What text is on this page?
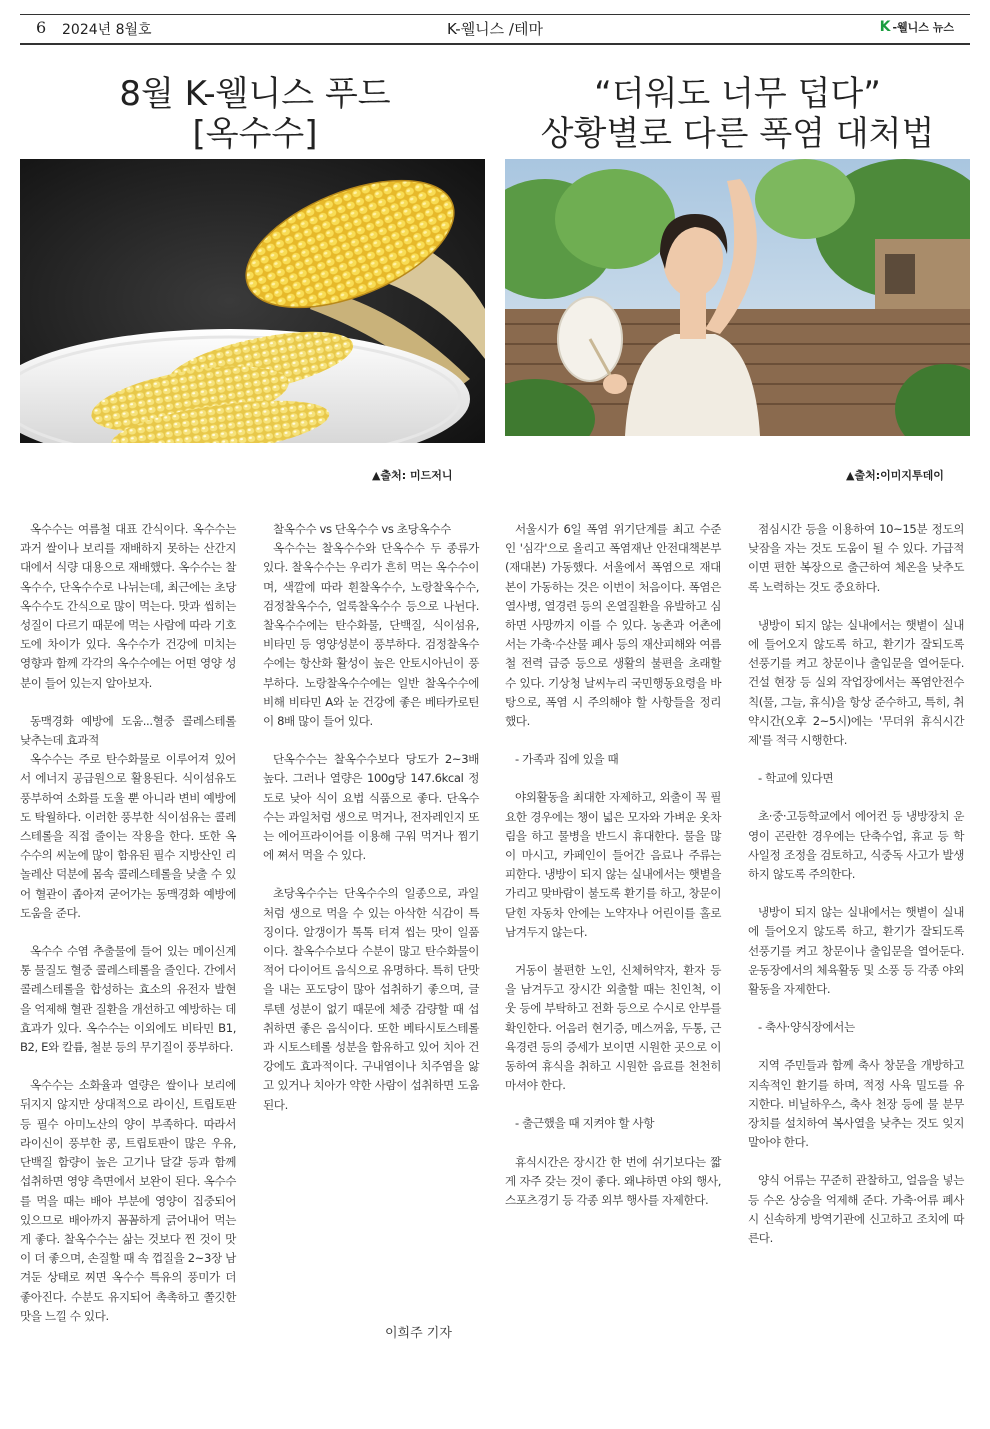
6 2024년 8월호	K-웰니스 /테마	K -웰니스 뉴스
8월 K-웰니스 푸드
[옥수수]
“더워도 너무 덥다”
상황별로 다른 폭염 대처법
▲출처: 미드저니	▲출처:이미지투데이

옥수수는 여름철 대표 간식이다. 옥수수는 과거 쌀이나 보리를 재배하지 못하는 산간지대에서 식량 대용으로 재배했다. 옥수수는 찰옥수수, 단옥수수로 나뉘는데, 최근에는 초당옥수수도 간식으로 많이 먹는다. 맛과 씹히는 성질이 다르기 때문에 먹는 사람에 따라 기호도에 차이가 있다. 옥수수가 건강에 미치는 영향과 함께 각각의 옥수수에는 어떤 영양 성분이 들어 있는지 알아보자.

동맥경화 예방에 도움...혈중 콜레스테롤 낮추는데 효과적

옥수수는 주로 탄수화물로 이루어져 있어서 에너지 공급원으로 활용된다. 식이섬유도 풍부하여 소화를 도울 뿐 아니라 변비 예방에도 탁월하다. 이러한 풍부한 식이섬유는 콜레스테롤을 직접 줄이는 작용을 한다. 또한 옥수수의 씨눈에 많이 함유된 필수 지방산인 리놀레산 덕분에 몸속 콜레스테롤을 낮출 수 있어 혈관이 좁아져 굳어가는 동맥경화 예방에 도움을 준다.

옥수수 수염 추출물에 들어 있는 메이신계통 물질도 혈중 콜레스테롤을 줄인다. 간에서 콜레스테롤을 합성하는 효소의 유전자 발현을 억제해 혈관 질환을 개선하고 예방하는 데 효과가 있다. 옥수수는 이외에도 비타민 B1, B2, E와 칼륨, 철분 등의 무기질이 풍부하다.

옥수수는 소화율과 열량은 쌀이나 보리에 뒤지지 않지만 상대적으로 라이신, 트립토판 등 필수 아미노산의 양이 부족하다. 따라서 라이신이 풍부한 콩, 트립토판이 많은 우유, 단백질 함량이 높은 고기나 달걀 등과 함께 섭취하면 영양 측면에서 보완이 된다. 옥수수를 먹을 때는 배아 부분에 영양이 집중되어 있으므로 배아까지 꼼꼼하게 긁어내어 먹는 게 좋다. 찰옥수수는 삶는 것보다 찐 것이 맛이 더 좋으며, 손질할 때 속 껍질을 2~3장 남겨둔 상태로 찌면 옥수수 특유의 풍미가 더 좋아진다. 수분도 유지되어 촉촉하고 쫄깃한 맛을 느낄 수 있다.

찰옥수수 vs 단옥수수 vs 초당옥수수

옥수수는 찰옥수수와 단옥수수 두 종류가 있다. 찰옥수수는 우리가 흔히 먹는 옥수수이며, 색깔에 따라 흰찰옥수수, 노랑찰옥수수, 검정찰옥수수, 얼룩찰옥수수 등으로 나뉜다. 찰옥수수에는 탄수화물, 단백질, 식이섬유, 비타민 등 영양성분이 풍부하다. 검정찰옥수수에는 항산화 활성이 높은 안토시아닌이 풍부하다. 노랑찰옥수수에는 일반 찰옥수수에 비해 비타민 A와 눈 건강에 좋은 베타카로틴이 8배 많이 들어 있다.

단옥수수는 찰옥수수보다 당도가 2~3배 높다. 그러나 열량은 100g당 147.6kcal 정도로 낮아 식이 요법 식품으로 좋다. 단옥수수는 과일처럼 생으로 먹거나, 전자레인지 또는 에어프라이어를 이용해 구워 먹거나 찜기에 쪄서 먹을 수 있다.

초당옥수수는 단옥수수의 일종으로, 과일처럼 생으로 먹을 수 있는 아삭한 식감이 특징이다. 알갱이가 톡톡 터져 씹는 맛이 일품이다. 찰옥수수보다 수분이 많고 탄수화물이 적어 다이어트 음식으로 유명하다. 특히 단맛을 내는 포도당이 많아 섭취하기 좋으며, 글루텐 성분이 없기 때문에 체중 감량할 때 섭취하면 좋은 음식이다. 또한 베타시토스테롤과 시토스테롤 성분을 함유하고 있어 치아 건강에도 효과적이다. 구내염이나 치주염을 앓고 있거나 치아가 약한 사람이 섭취하면 도움 된다.

서울시가 6일 폭염 위기단계를 최고 수준인 '심각'으로 올리고 폭염재난 안전대책본부(재대본) 가동했다. 서울에서 폭염으로 재대본이 가동하는 것은 이번이 처음이다. 폭염은 열사병, 열경련 등의 온열질환을 유발하고 심하면 사망까지 이를 수 있다. 농촌과 어촌에서는 가축·수산물 폐사 등의 재산피해와 여름철 전력 급증 등으로 생활의 불편을 초래할 수 있다. 기상청 날씨누리 국민행동요령을 바탕으로, 폭염 시 주의해야 할 사항들을 정리했다.

- 가족과 집에 있을 때

야외활동을 최대한 자제하고, 외출이 꼭 필요한 경우에는 챙이 넓은 모자와 가벼운 옷차림을 하고 물병을 반드시 휴대한다. 물을 많이 마시고, 카페인이 들어간 음료나 주류는 피한다. 냉방이 되지 않는 실내에서는 햇볕을 가리고 맞바람이 불도록 환기를 하고, 창문이 닫힌 자동차 안에는 노약자나 어린이를 홀로 남겨두지 않는다.

거동이 불편한 노인, 신체허약자, 환자 등을 남겨두고 장시간 외출할 때는 친인척, 이웃 등에 부탁하고 전화 등으로 수시로 안부를 확인한다. 어음러 현기증, 메스꺼움, 두통, 근육경련 등의 증세가 보이면 시원한 곳으로 이동하여 휴식을 취하고 시원한 음료를 천천히 마셔야 한다.

- 출근했을 때 지켜야 할 사항

휴식시간은 장시간 한 번에 쉬기보다는 짧게 자주 갖는 것이 좋다. 왜냐하면 야외 행사, 스포츠경기 등 각종 외부 행사를 자제한다.

점심시간 등을 이용하여 10~15분 정도의 낮잠을 자는 것도 도움이 될 수 있다. 가급적이면 편한 복장으로 출근하여 체온을 낮추도록 노력하는 것도 중요하다.

냉방이 되지 않는 실내에서는 햇볕이 실내에 들어오지 않도록 하고, 환기가 잘되도록 선풍기를 켜고 창문이나 출입문을 열어둔다. 건설 현장 등 실외 작업장에서는 폭염안전수칙(물, 그늘, 휴식)을 항상 준수하고, 특히, 취약시간(오후 2~5시)에는 '무더위 휴식시간제'를 적극 시행한다.

- 학교에 있다면

초·중·고등학교에서 에어컨 등 냉방장치 운영이 곤란한 경우에는 단축수업, 휴교 등 학사일정 조정을 검토하고, 식중독 사고가 발생하지 않도록 주의한다.

냉방이 되지 않는 실내에서는 햇볕이 실내에 들어오지 않도록 하고, 환기가 잘되도록 선풍기를 켜고 창문이나 출입문을 열어둔다. 운동장에서의 체육활동 및 소풍 등 각종 야외활동을 자제한다.

- 축사·양식장에서는

지역 주민들과 함께 축사 창문을 개방하고 지속적인 환기를 하며, 적정 사육 밀도를 유지한다. 비닐하우스, 축사 천장 등에 물 분무장치를 설치하여 복사열을 낮추는 것도 잊지 말아야 한다.

양식 어류는 꾸준히 관찰하고, 얼음을 넣는 등 수온 상승을 억제해 준다. 가축·어류 폐사 시 신속하게 방역기관에 신고하고 조치에 따른다.

이희주 기자
